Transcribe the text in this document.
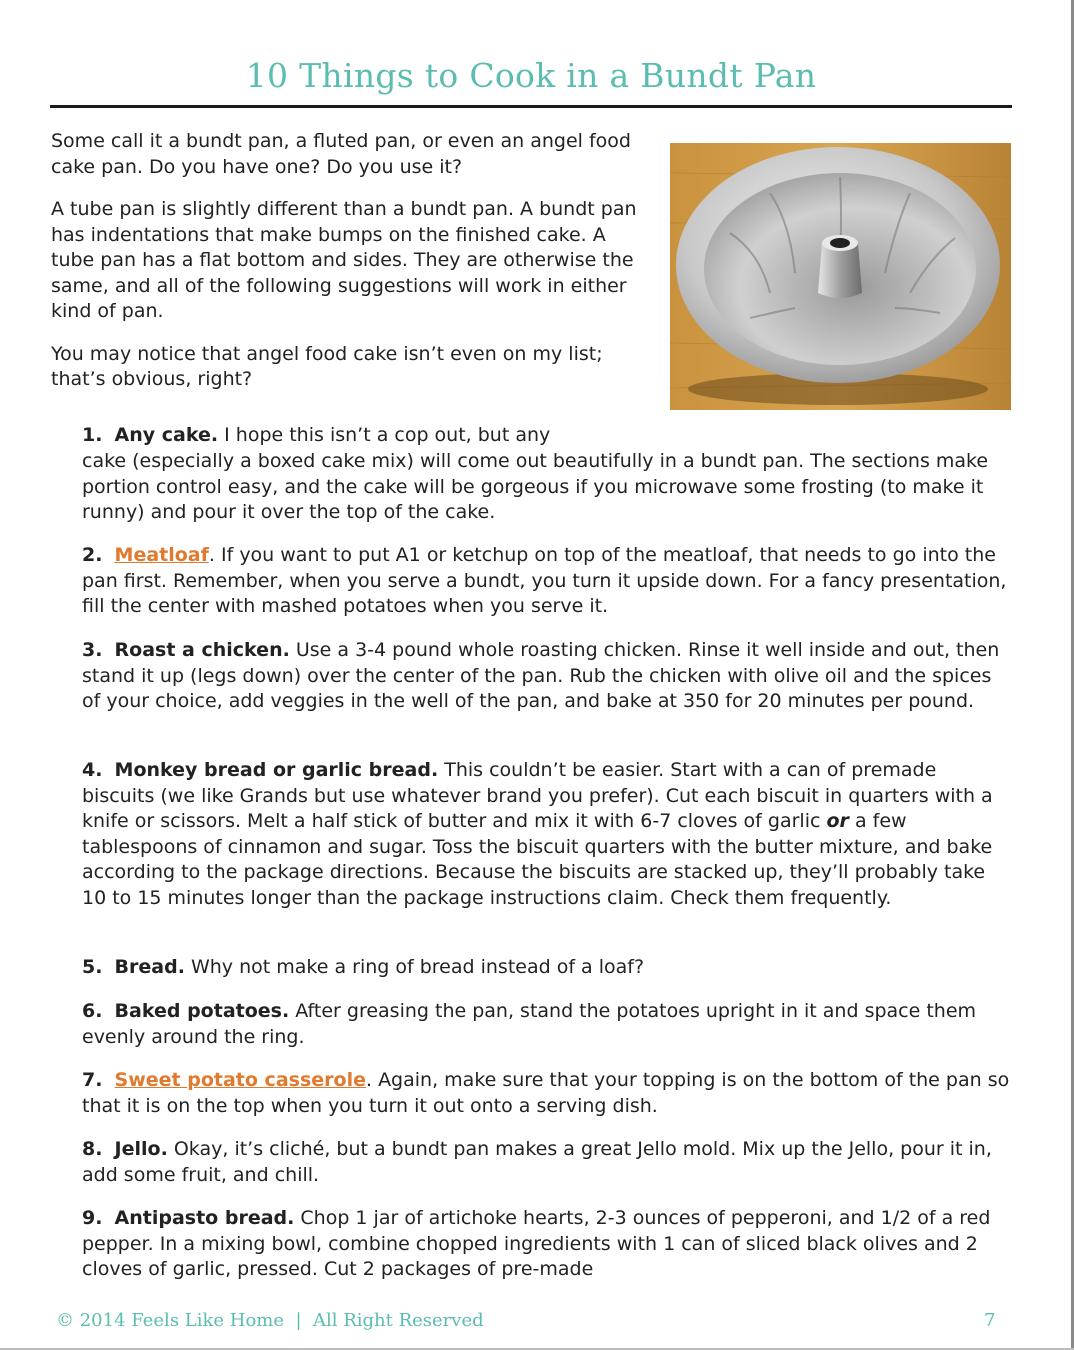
10 Things to Cook in a Bundt Pan

Some call it a bundt pan, a fluted pan, or even an angel food cake pan. Do you have one? Do you use it?

A tube pan is slightly different than a bundt pan. A bundt pan has indentations that make bumps on the finished cake. A tube pan has a flat bottom and sides. They are otherwise the same, and all of the following suggestions will work in either kind of pan.

You may notice that angel food cake isn’t even on my list; that’s obvious, right?

1. Any cake. I hope this isn’t a cop out, but any
cake (especially a boxed cake mix) will come out beautifully in a bundt pan. The sections make portion control easy, and the cake will be gorgeous if you microwave some frosting (to make it runny) and pour it over the top of the cake.
2. Meatloaf. If you want to put A1 or ketchup on top of the meatloaf, that needs to go into the pan first. Remember, when you serve a bundt, you turn it upside down. For a fancy presentation, fill the center with mashed potatoes when you serve it.
3. Roast a chicken. Use a 3-4 pound whole roasting chicken. Rinse it well inside and out, then stand it up (legs down) over the center of the pan. Rub the chicken with olive oil and the spices of your choice, add veggies in the well of the pan, and bake at 350 for 20 minutes per pound.
4. Monkey bread or garlic bread. This couldn’t be easier. Start with a can of premade biscuits (we like Grands but use whatever brand you prefer). Cut each biscuit in quarters with a knife or scissors. Melt a half stick of butter and mix it with 6-7 cloves of garlic or a few tablespoons of cinnamon and sugar. Toss the biscuit quarters with the butter mixture, and bake according to the package directions. Because the biscuits are stacked up, they’ll probably take 10 to 15 minutes longer than the package instructions claim. Check them frequently.
5. Bread. Why not make a ring of bread instead of a loaf?
6. Baked potatoes. After greasing the pan, stand the potatoes upright in it and space them evenly around the ring.
7. Sweet potato casserole. Again, make sure that your topping is on the bottom of the pan so that it is on the top when you turn it out onto a serving dish.
8. Jello. Okay, it’s cliché, but a bundt pan makes a great Jello mold. Mix up the Jello, pour it in, add some fruit, and chill.
9. Antipasto bread. Chop 1 jar of artichoke hearts, 2-3 ounces of pepperoni, and 1/2 of a red pepper. In a mixing bowl, combine chopped ingredients with 1 can of sliced black olives and 2 cloves of garlic, pressed. Cut 2 packages of pre-made
© 2014 Feels Like Home  |  All Right Reserved	7
